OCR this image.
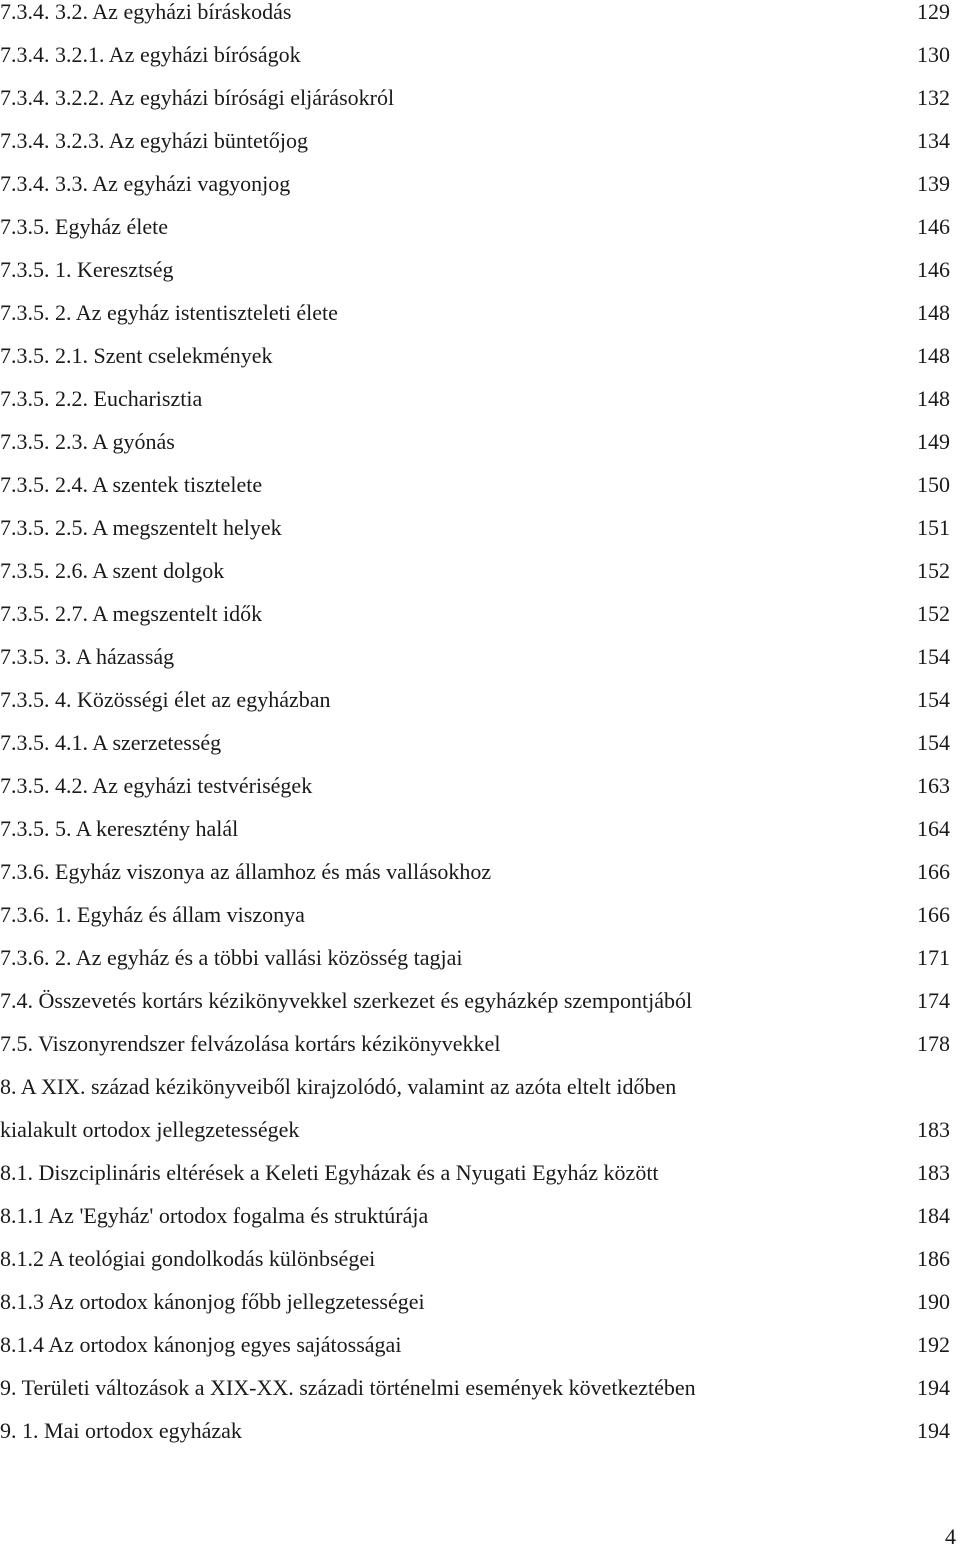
7.3.4. 3.2. Az egyházi bíráskodás	129
7.3.4. 3.2.1. Az egyházi bíróságok	130
7.3.4. 3.2.2. Az egyházi bírósági eljárásokról	132
7.3.4. 3.2.3. Az egyházi büntetőjog	134
7.3.4. 3.3. Az egyházi vagyonjog	139
7.3.5. Egyház élete	146
7.3.5. 1. Keresztség	146
7.3.5. 2. Az egyház istentiszteleti élete	148
7.3.5. 2.1. Szent cselekmények	148
7.3.5. 2.2. Eucharisztia	148
7.3.5. 2.3. A gyónás	149
7.3.5. 2.4. A szentek tisztelete	150
7.3.5. 2.5. A megszentelt helyek	151
7.3.5. 2.6. A szent dolgok	152
7.3.5. 2.7. A megszentelt idők	152
7.3.5. 3. A házasság	154
7.3.5. 4. Közösségi élet az egyházban	154
7.3.5. 4.1. A szerzetesség	154
7.3.5. 4.2. Az egyházi testvériségek	163
7.3.5. 5. A keresztény halál	164
7.3.6. Egyház viszonya az államhoz és más vallásokhoz	166
7.3.6. 1. Egyház és állam viszonya	166
7.3.6. 2. Az egyház és a többi vallási közösség tagjai	171
7.4. Összevetés kortárs kézikönyvekkel szerkezet és egyházkép szempontjából	174
7.5. Viszonyrendszer felvázolása kortárs kézikönyvekkel	178
8. A XIX. század kézikönyveiből kirajzolódó, valamint az azóta eltelt időben
kialakult ortodox jellegzetességek	183
8.1. Diszciplináris eltérések a Keleti Egyházak és a Nyugati Egyház között	183
8.1.1 Az 'Egyház' ortodox fogalma és struktúrája	184
8.1.2 A teológiai gondolkodás különbségei	186
8.1.3 Az ortodox kánonjog főbb jellegzetességei	190
8.1.4 Az ortodox kánonjog egyes sajátosságai	192
9. Területi változások a XIX-XX. századi történelmi események következtében	194
9. 1. Mai ortodox egyházak	194
4
